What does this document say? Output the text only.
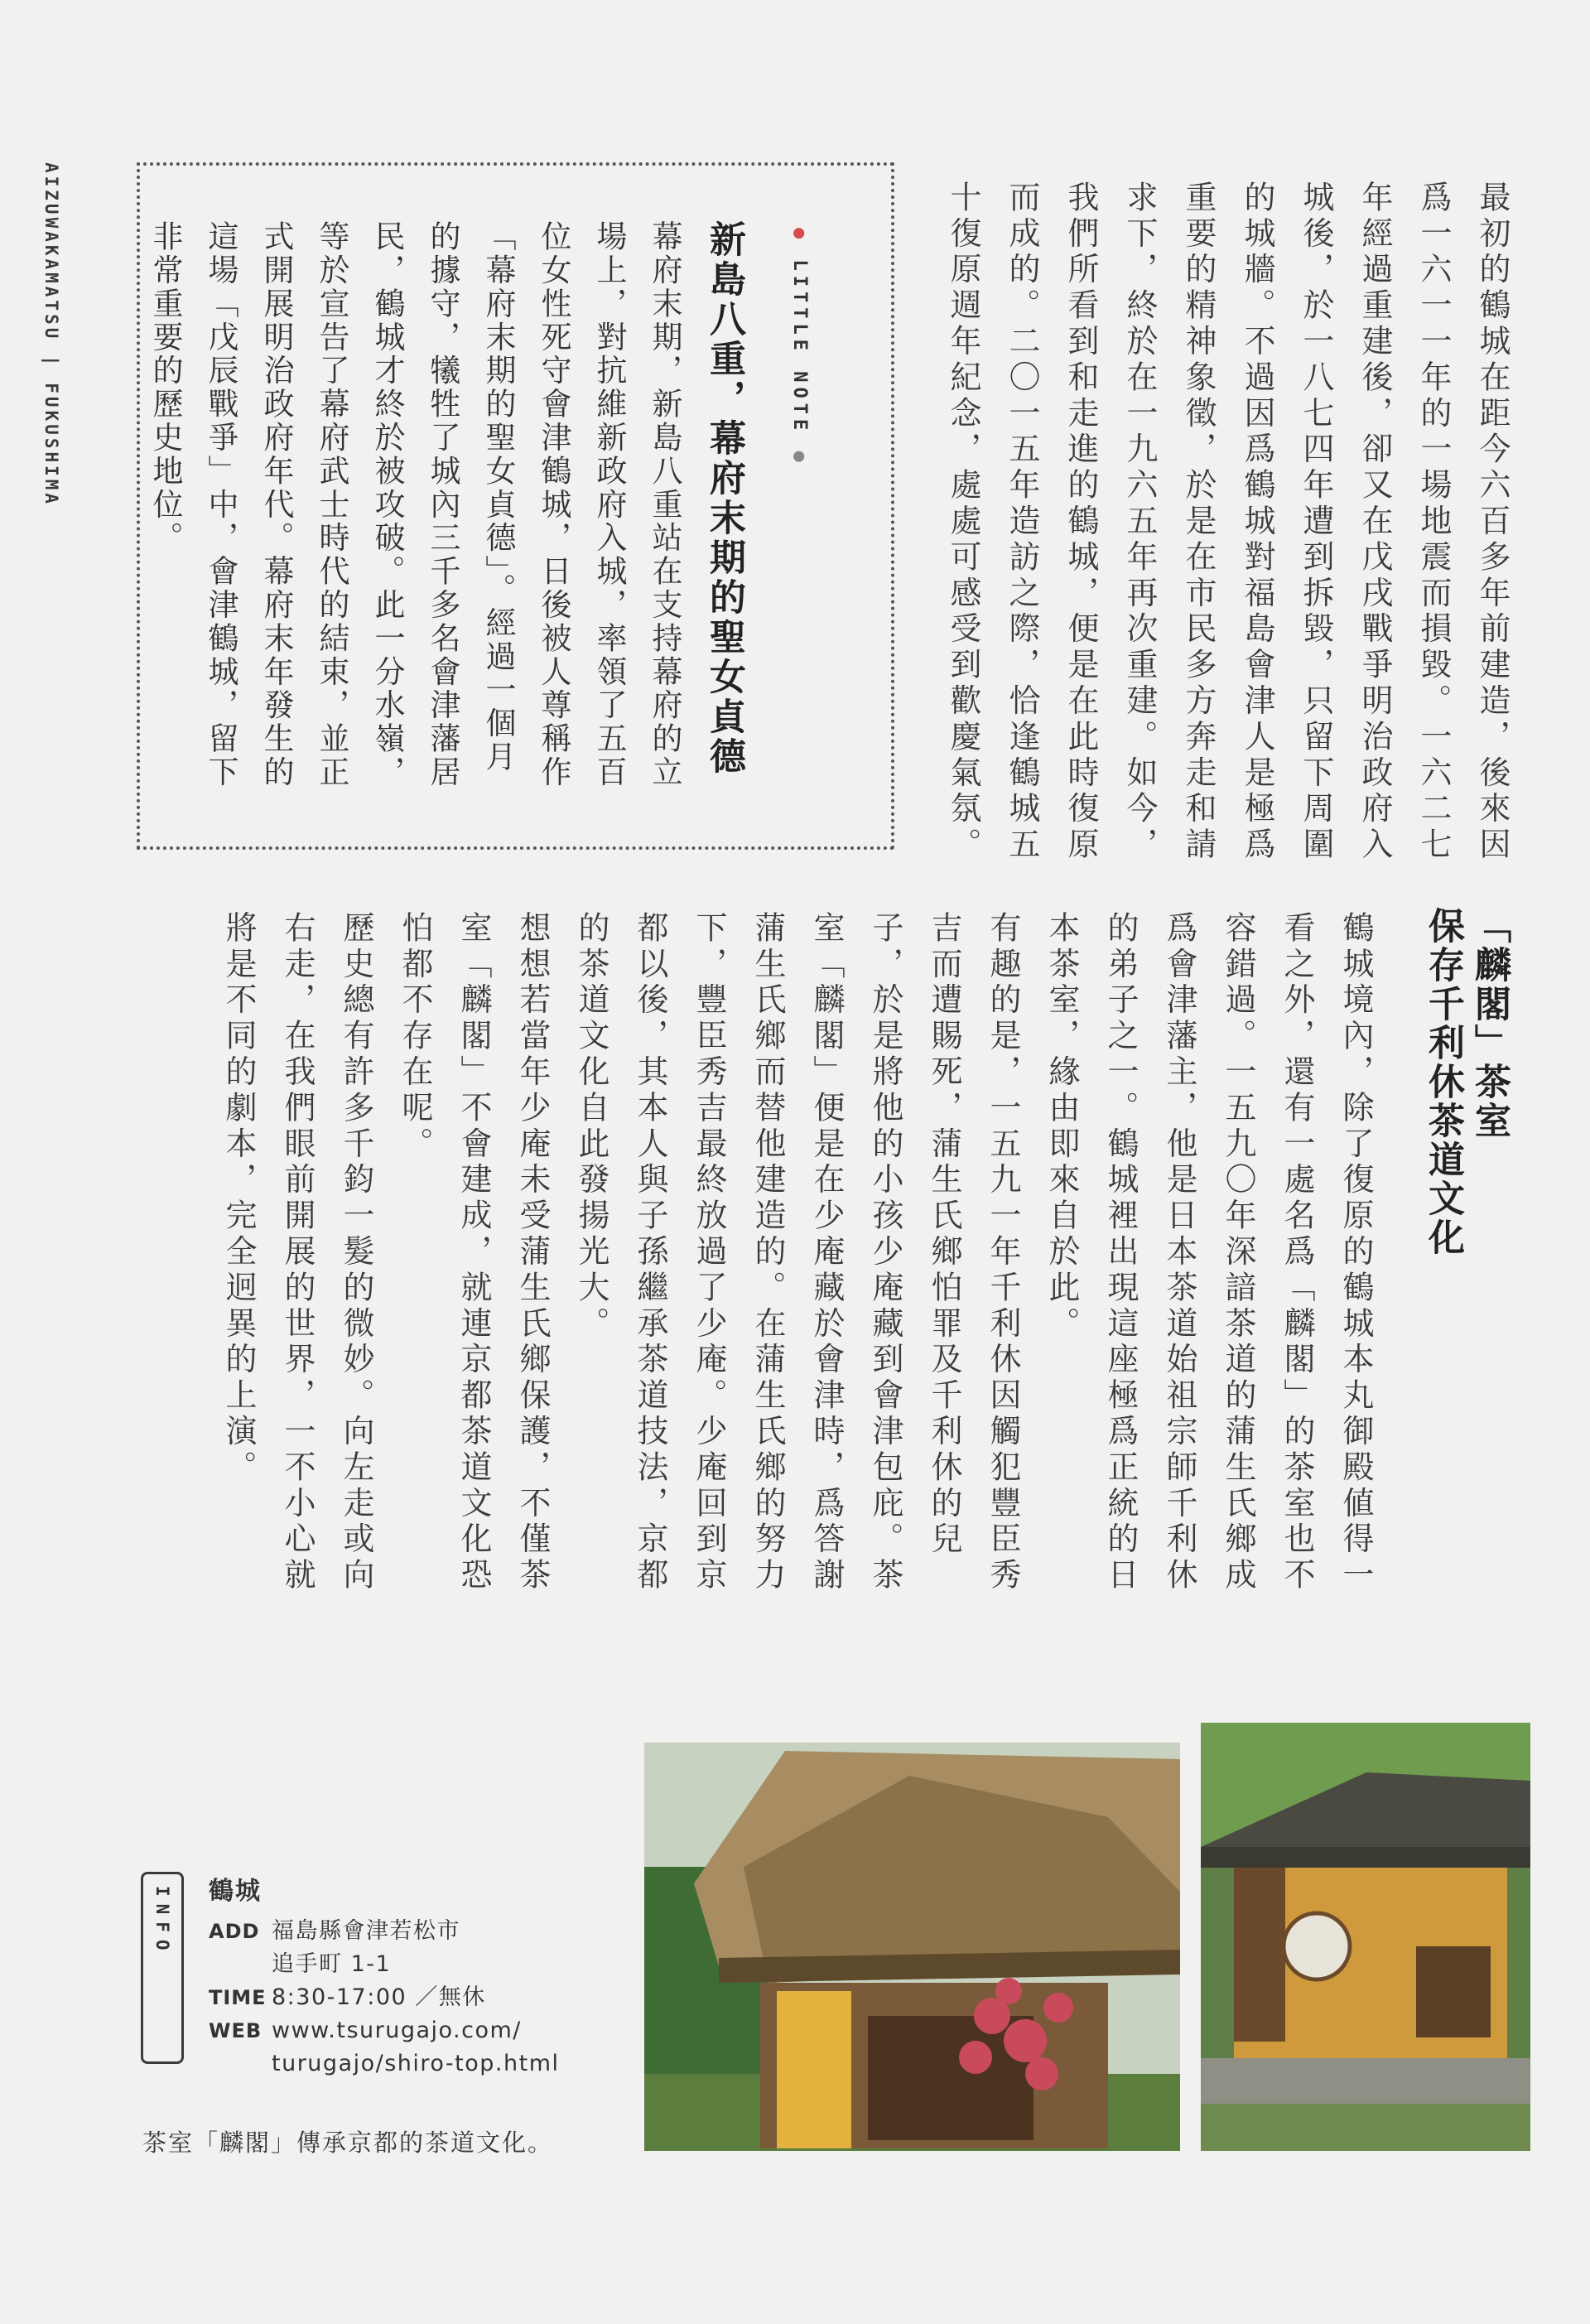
AIZUWAKAMATSU | FUKUSHIMA	最初的鶴城在距今六百多年前建造，後來因爲一六一一年的一場地震而損毀。一六二七年經過重建後，卻又在戊戌戰爭明治政府入城後，於一八七四年遭到拆毀，只留下周圍的城牆。不過因爲鶴城對福島會津人是極爲重要的精神象徵，於是在市民多方奔走和請求下，終於在一九六五年再次重建。如今，我們所看到和走進的鶴城，便是在此時復原而成的。二〇一五年造訪之際，恰逢鶴城五十復原週年紀念，處處可感受到歡慶氣氛。

● LITTLE NOTE ●
新島八重，幕府末期的聖女貞德

幕府末期，新島八重站在支持幕府的立場上，對抗維新政府入城，率領了五百位女性死守會津鶴城，日後被人尊稱作「幕府末期的聖女貞德」。經過一個月的據守，犧牲了城內三千多名會津藩居民，鶴城才終於被攻破。此一分水嶺，等於宣告了幕府武士時代的結束，並正式開展明治政府年代。幕府末年發生的這場「戊辰戰爭」中，會津鶴城，留下非常重要的歷史地位。

「麟閣」茶室
保存千利休茶道文化

鶴城境內，除了復原的鶴城本丸御殿値得一看之外，還有一處名爲「麟閣」的茶室也不容錯過。一五九〇年深諳茶道的蒲生氏鄉成爲會津藩主，他是日本茶道始祖宗師千利休的弟子之一。鶴城裡出現這座極爲正統的日本茶室，緣由即來自於此。

有趣的是，一五九一年千利休因觸犯豐臣秀吉而遭賜死，蒲生氏鄉怕罪及千利休的兒子，於是將他的小孩少庵藏到會津包庇。茶室「麟閣」便是在少庵藏於會津時，爲答謝蒲生氏鄉而替他建造的。在蒲生氏鄉的努力下，豐臣秀吉最終放過了少庵。少庵回到京都以後，其本人與子孫繼承茶道技法，京都的茶道文化自此發揚光大。

想想若當年少庵未受蒲生氏鄉保護，不僅茶室「麟閣」不會建成，就連京都茶道文化恐怕都不存在呢。

歷史總有許多千鈞一髮的微妙。向左走或向右走，在我們眼前開展的世界，一不小心就將是不同的劇本，完全迥異的上演。

INFO 鶴城
ADD 福島縣會津若松市
追手町 1-1
TIME 8:30-17:00 ／無休
WEB www.tsurugajo.com/
turugajo/shiro-top.html
茶室「麟閣」傳承京都的茶道文化。
